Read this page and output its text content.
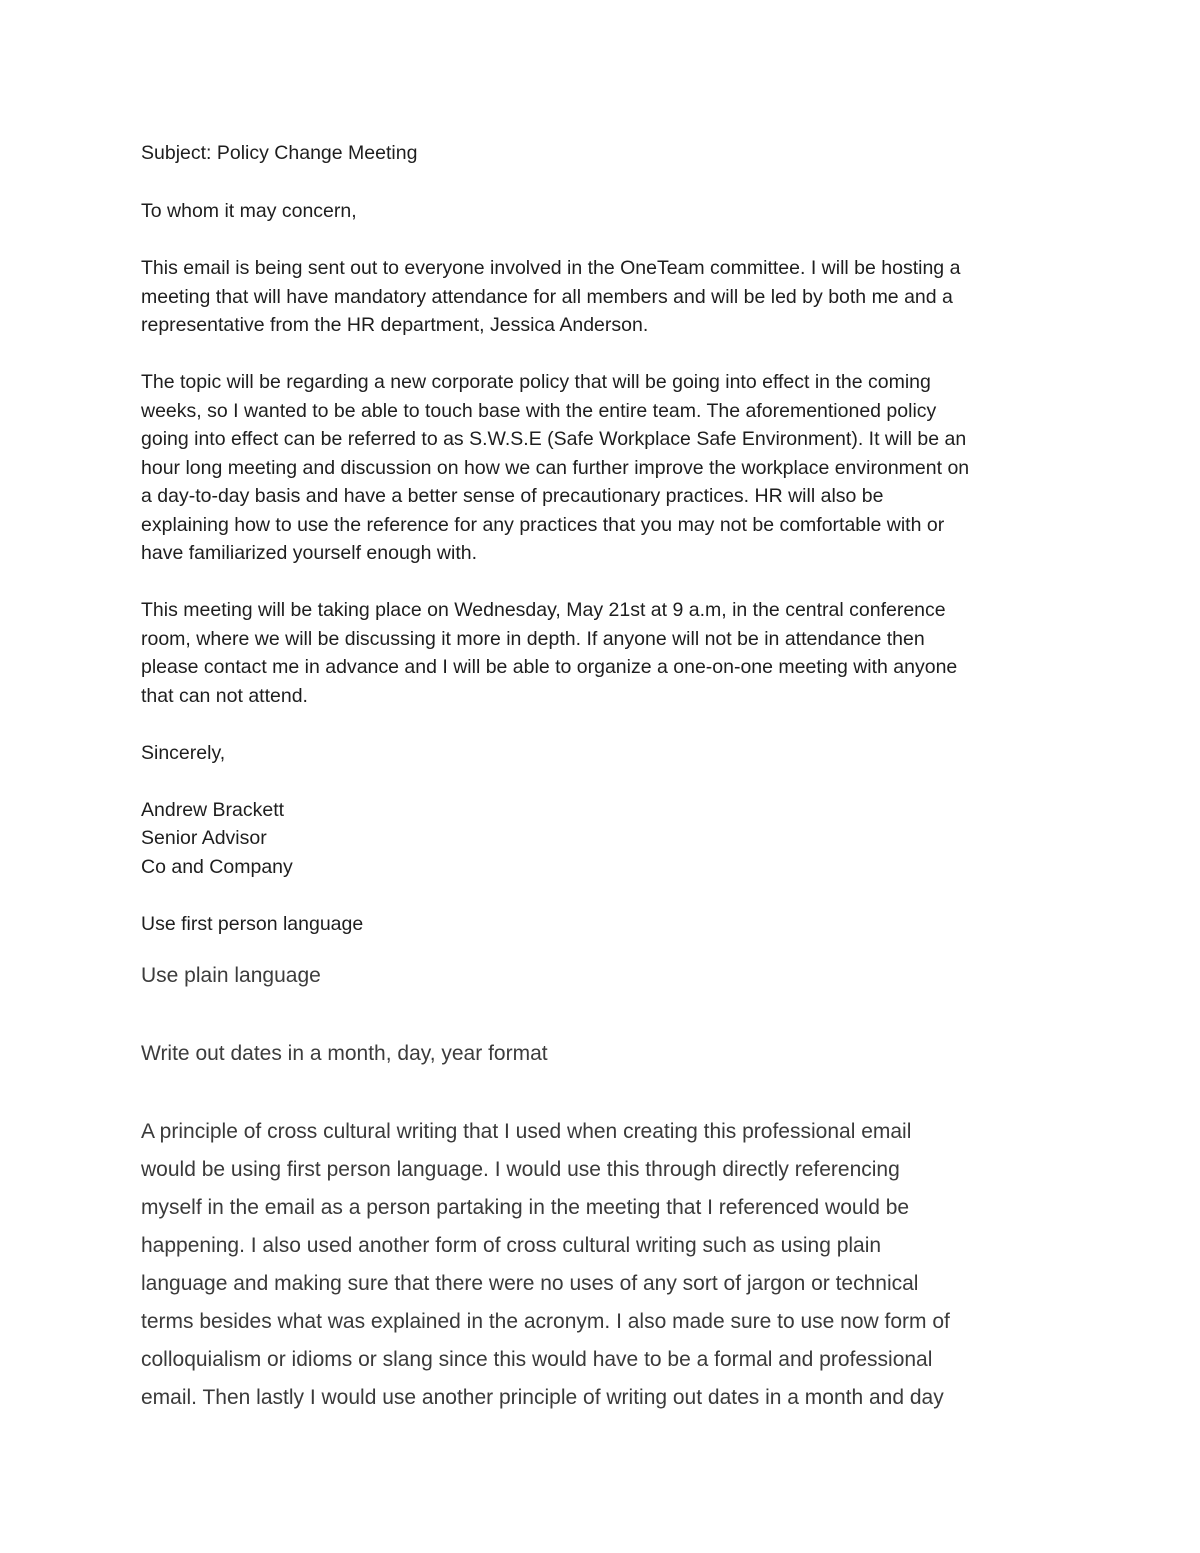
Subject: Policy Change Meeting
To whom it may concern,
This email is being sent out to everyone involved in the OneTeam committee. I will be hosting a
meeting that will have mandatory attendance for all members and will be led by both me and a
representative from the HR department, Jessica Anderson.
The topic will be regarding a new corporate policy that will be going into effect in the coming
weeks, so I wanted to be able to touch base with the entire team. The aforementioned policy
going into effect can be referred to as S.W.S.E (Safe Workplace Safe Environment). It will be an
hour long meeting and discussion on how we can further improve the workplace environment on
a day-to-day basis and have a better sense of precautionary practices. HR will also be
explaining how to use the reference for any practices that you may not be comfortable with or
have familiarized yourself enough with.
This meeting will be taking place on Wednesday, May 21st at 9 a.m, in the central conference
room, where we will be discussing it more in depth. If anyone will not be in attendance then
please contact me in advance and I will be able to organize a one-on-one meeting with anyone
that can not attend.
Sincerely,
Andrew Brackett
Senior Advisor
Co and Company
Use first person language
Use plain language
Write out dates in a month, day, year format
A principle of cross cultural writing that I used when creating this professional email
would be using first person language. I would use this through directly referencing
myself in the email as a person partaking in the meeting that I referenced would be
happening. I also used another form of cross cultural writing such as using plain
language and making sure that there were no uses of any sort of jargon or technical
terms besides what was explained in the acronym. I also made sure to use now form of
colloquialism or idioms or slang since this would have to be a formal and professional
email. Then lastly I would use another principle of writing out dates in a month and day
